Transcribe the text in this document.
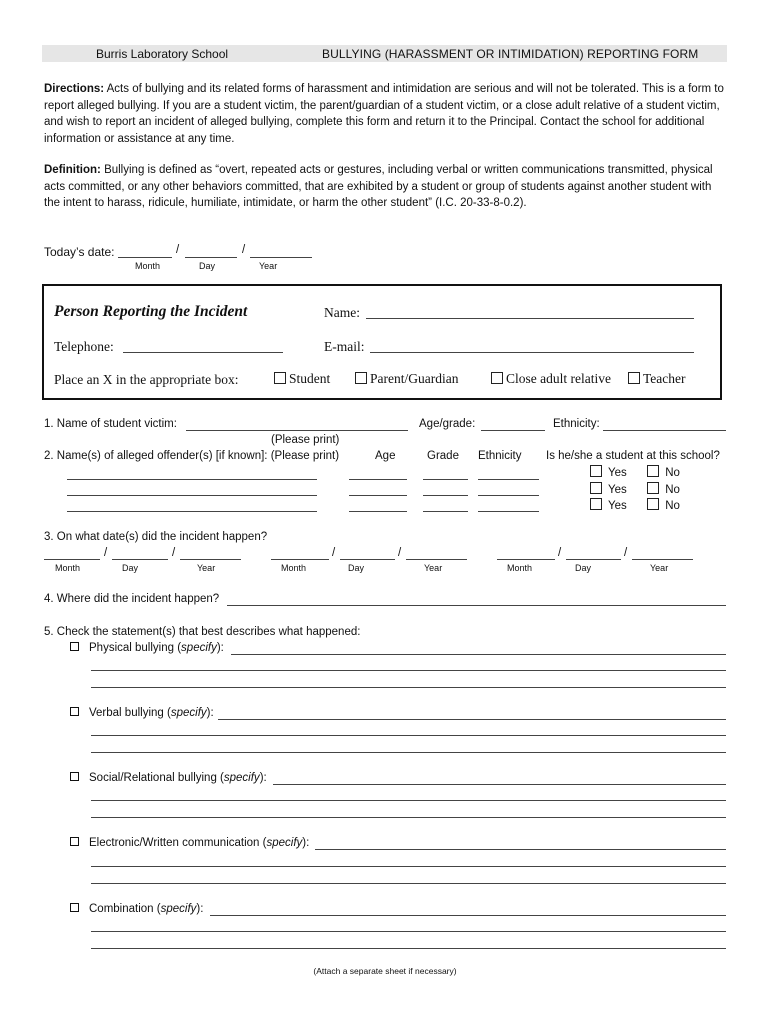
Burris Laboratory School	BULLYING (HARASSMENT OR INTIMIDATION) REPORTING FORM
Directions: Acts of bullying and its related forms of harassment and intimidation are serious and will not be tolerated. This is a form to report alleged bullying. If you are a student victim, the parent/guardian of a student victim, or a close adult relative of a student victim, and wish to report an incident of alleged bullying, complete this form and return it to the Principal. Contact the school for additional information or assistance at any time.
Definition: Bullying is defined as “overt, repeated acts or gestures, including verbal or written communications transmitted, physical acts committed, or any other behaviors committed, that are exhibited by a student or group of students against another student with the intent to harass, ridicule, humiliate, intimidate, or harm the other student” (I.C. 20-33-8-0.2).
Today’s date:	/	/
Month	Day	Year
Person Reporting the Incident	Name:
Telephone:	E-mail:
Place an X in the appropriate box:	Student	Parent/Guardian	Close adult relative	Teacher
1. Name of student victim:	Age/grade:	Ethnicity:
(Please print)
2. Name(s) of alleged offender(s) [if known]: (Please print)	Age	Grade Ethnicity Is he/she a student at this school?
Yes	No
Yes	No
Yes	No
3. On what date(s) did the incident happen?
/	/
Month	Day	Year
/	/
Month	Day	Year
/	/
Month	Day	Year
4. Where did the incident happen?
5. Check the statement(s) that best describes what happened:
Physical bullying (specify):
Verbal bullying (specify):
Social/Relational bullying (specify):
Electronic/Written communication (specify):
Combination (specify):
(Attach a separate sheet if necessary)
